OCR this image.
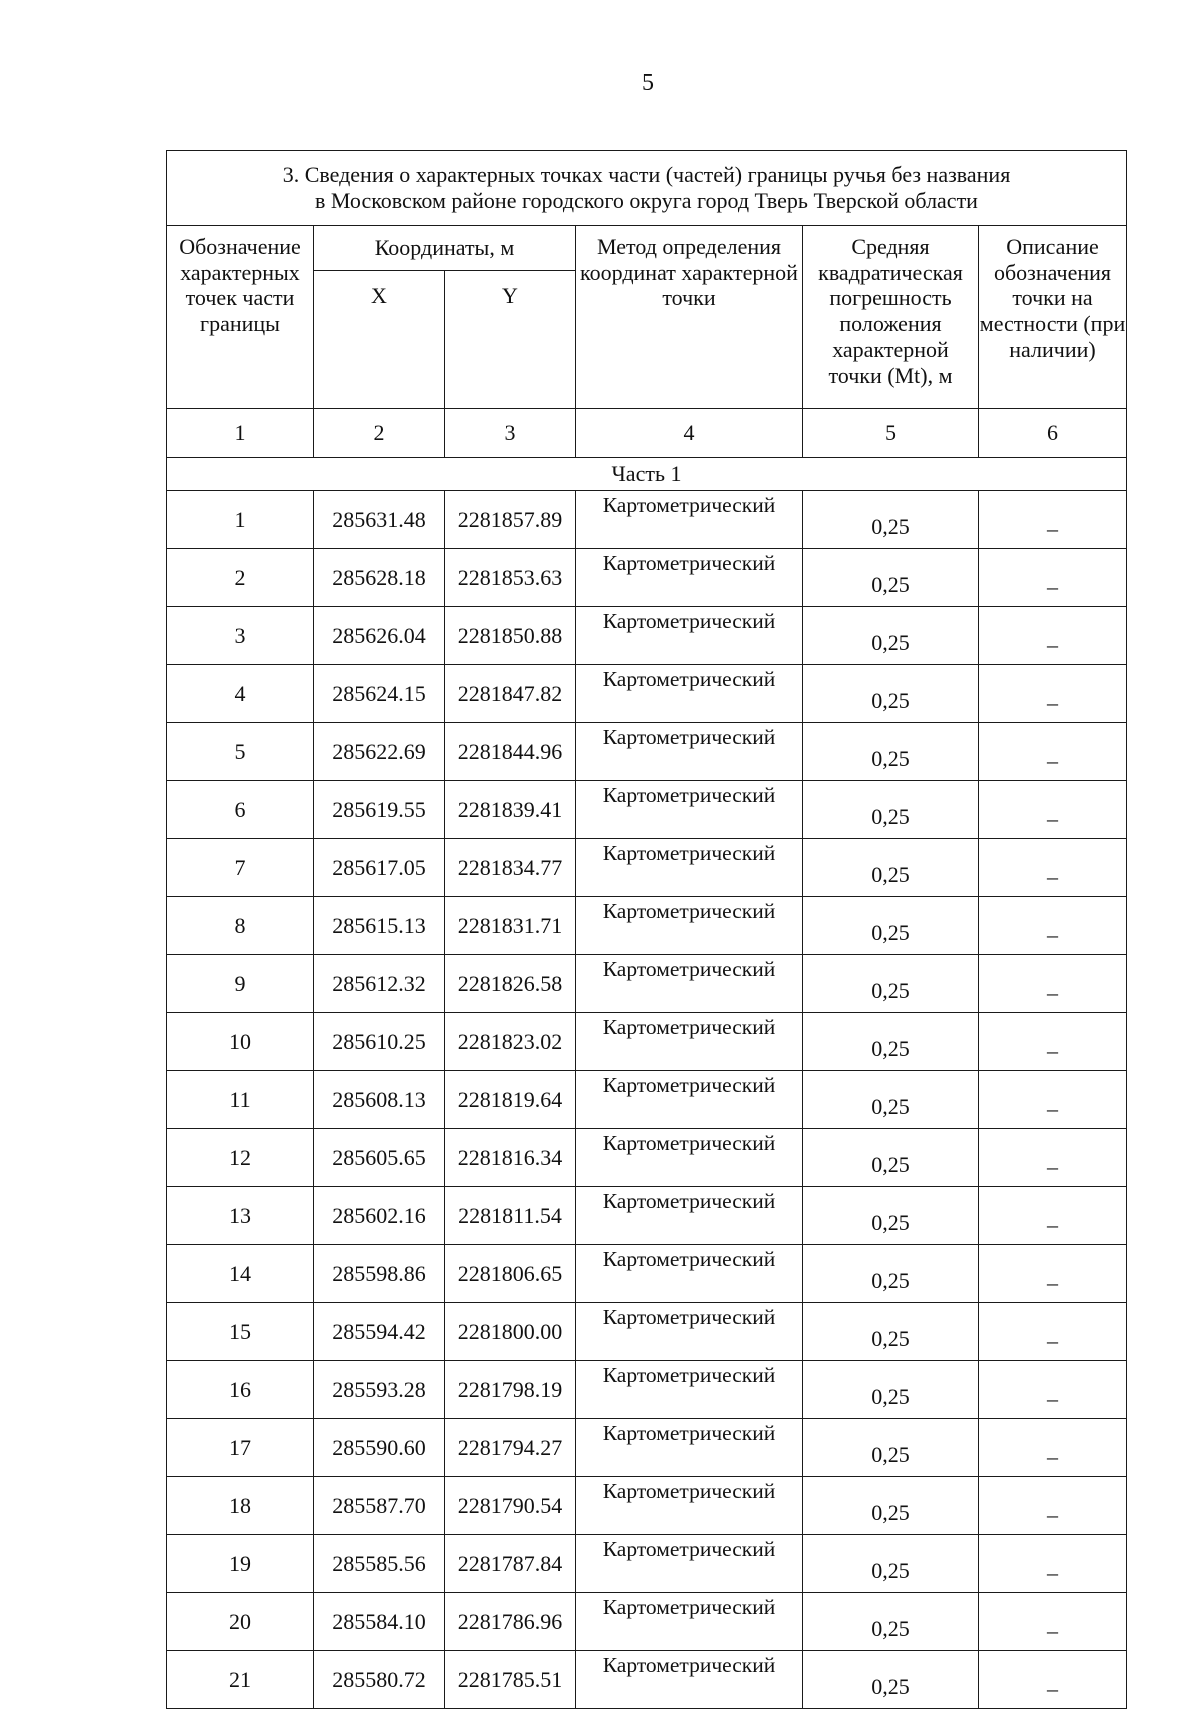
5
3. Сведения о характерных точках части (частей) границы ручья без названия
в Московском районе городского округа город Тверь Тверской области					

Обозначение характерных точек части границы	Координаты, м		Метод определения координат характерной точки	Средняя квадратическая погрешность положения характерной точки (Mt), м	Описание обозначения точки на местности (при наличии)
	X	Y			
1	2	3	4	5	6
Часть 1					
1	285631.48	2281857.89	Картометрический	0,25	–
2	285628.18	2281853.63	Картометрический	0,25	–
3	285626.04	2281850.88	Картометрический	0,25	–
4	285624.15	2281847.82	Картометрический	0,25	–
5	285622.69	2281844.96	Картометрический	0,25	–
6	285619.55	2281839.41	Картометрический	0,25	–
7	285617.05	2281834.77	Картометрический	0,25	–
8	285615.13	2281831.71	Картометрический	0,25	–
9	285612.32	2281826.58	Картометрический	0,25	–
10	285610.25	2281823.02	Картометрический	0,25	–
11	285608.13	2281819.64	Картометрический	0,25	–
12	285605.65	2281816.34	Картометрический	0,25	–
13	285602.16	2281811.54	Картометрический	0,25	–
14	285598.86	2281806.65	Картометрический	0,25	–
15	285594.42	2281800.00	Картометрический	0,25	–
16	285593.28	2281798.19	Картометрический	0,25	–
17	285590.60	2281794.27	Картометрический	0,25	–
18	285587.70	2281790.54	Картометрический	0,25	–
19	285585.56	2281787.84	Картометрический	0,25	–
20	285584.10	2281786.96	Картометрический	0,25	–
21	285580.72	2281785.51	Картометрический	0,25	–
